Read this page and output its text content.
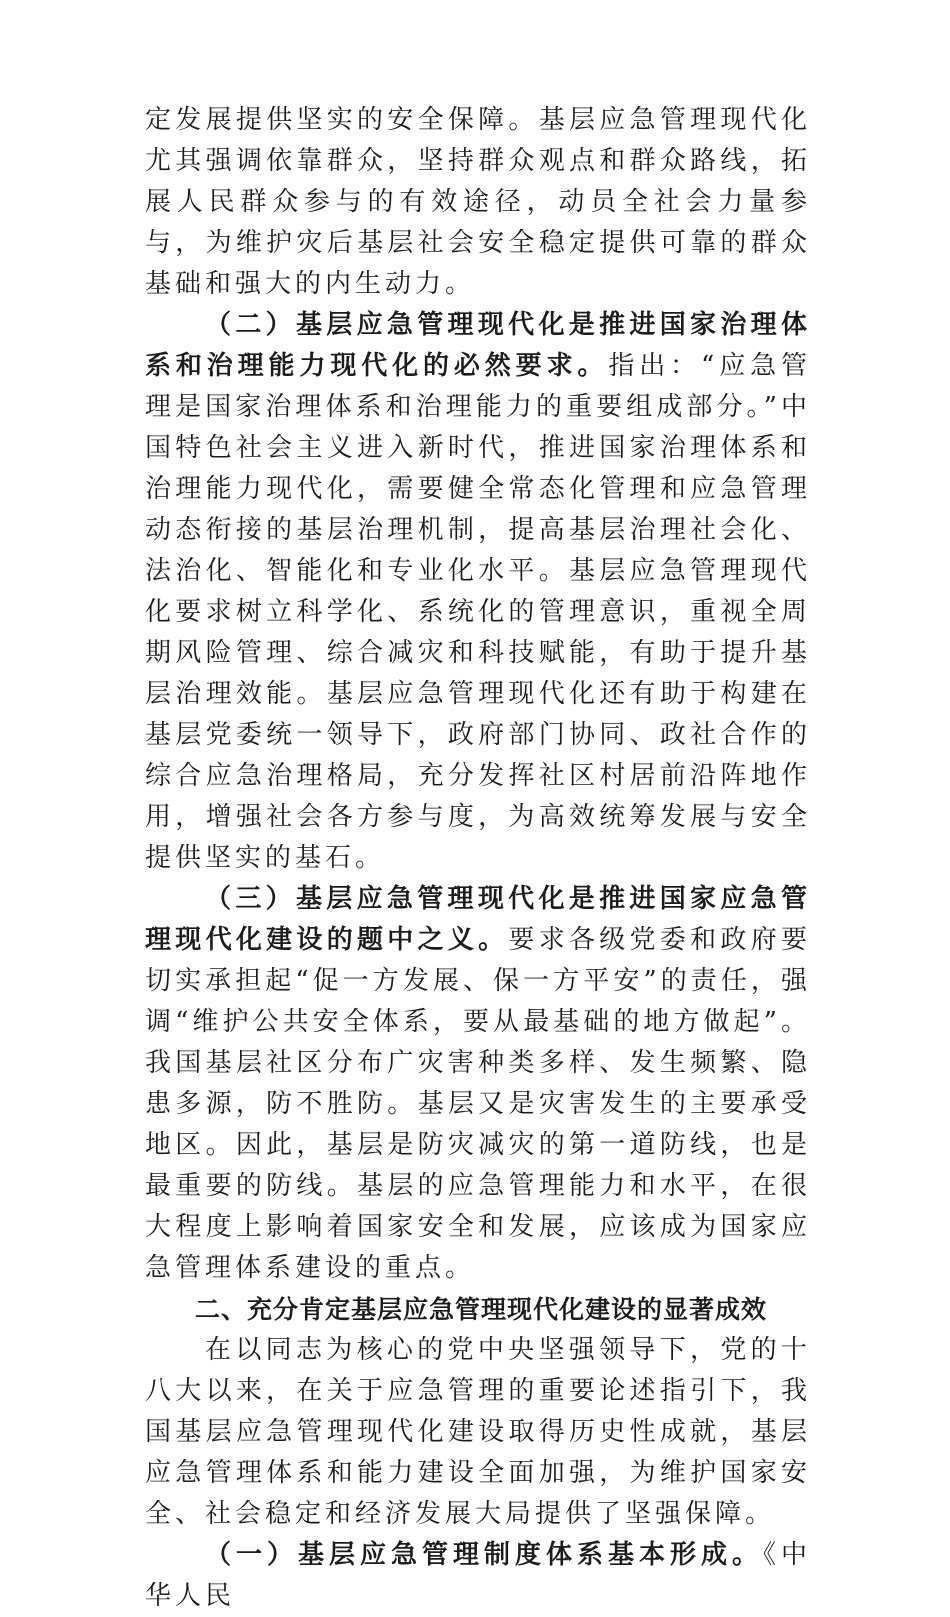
定发展提供坚实的安全保障。基层应急管理现代化尤其强调依靠群众，坚持群众观点和群众路线，拓展人民群众参与的有效途径，动员全社会力量参与，为维护灾后基层社会安全稳定提供可靠的群众基础和强大的内生动力。

（二）基层应急管理现代化是推进国家治理体系和治理能力现代化的必然要求。指出：“应急管理是国家治理体系和治理能力的重要组成部分。”中国特色社会主义进入新时代，推进国家治理体系和治理能力现代化，需要健全常态化管理和应急管理动态衔接的基层治理机制，提高基层治理社会化、法治化、智能化和专业化水平。基层应急管理现代化要求树立科学化、系统化的管理意识，重视全周期风险管理、综合减灾和科技赋能，有助于提升基层治理效能。基层应急管理现代化还有助于构建在基层党委统一领导下，政府部门协同、政社合作的综合应急治理格局，充分发挥社区村居前沿阵地作用，增强社会各方参与度，为高效统筹发展与安全提供坚实的基石。

（三）基层应急管理现代化是推进国家应急管理现代化建设的题中之义。要求各级党委和政府要切实承担起“促一方发展、保一方平安”的责任，强调“维护公共安全体系，要从最基础的地方做起”。我国基层社区分布广灾害种类多样、发生频繁、隐患多源，防不胜防。基层又是灾害发生的主要承受地区。因此，基层是防灾减灾的第一道防线，也是最重要的防线。基层的应急管理能力和水平，在很大程度上影响着国家安全和发展，应该成为国家应急管理体系建设的重点。

二、充分肯定基层应急管理现代化建设的显著成效

在以同志为核心的党中央坚强领导下，党的十八大以来，在关于应急管理的重要论述指引下，我国基层应急管理现代化建设取得历史性成就，基层应急管理体系和能力建设全面加强，为维护国家安全、社会稳定和经济发展大局提供了坚强保障。

（一）基层应急管理制度体系基本形成。《中华人民
